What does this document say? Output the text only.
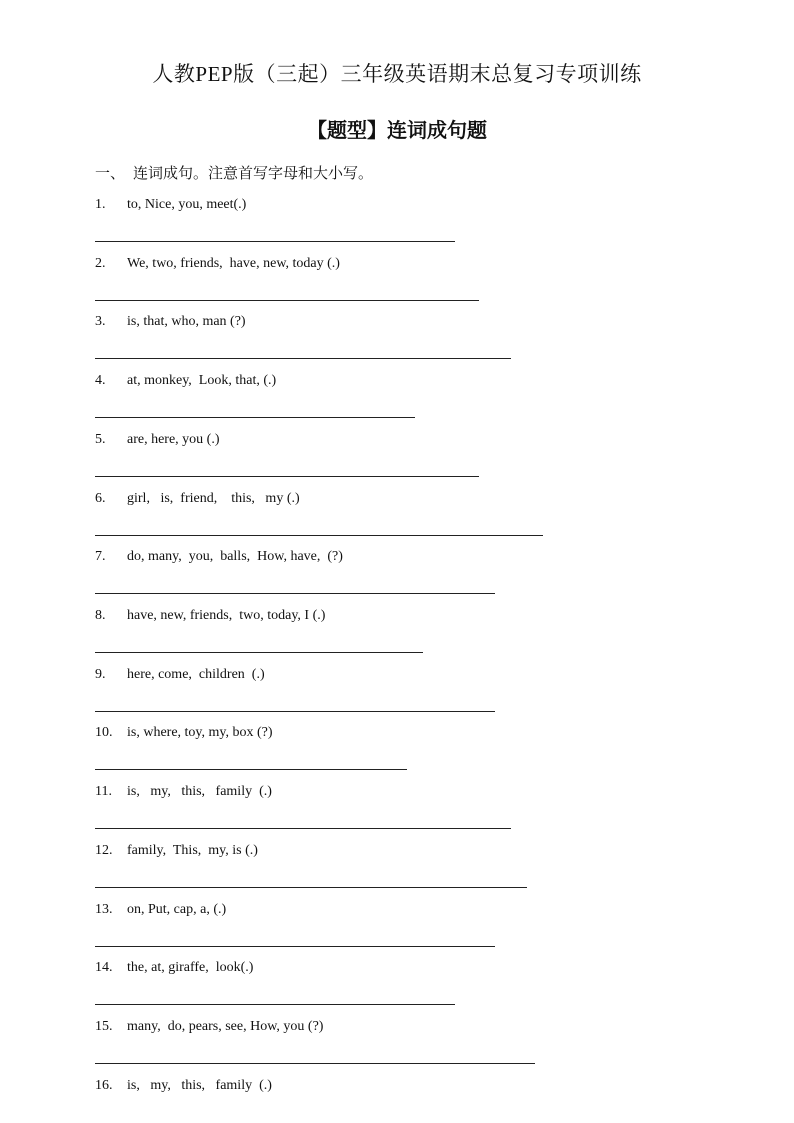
人教PEP版（三起）三年级英语期末总复习专项训练
【题型】连词成句题
一、 连词成句。注意首写字母和大小写。
1. to, Nice, you, meet(.)
2. We, two, friends,  have, new, today (.)
3. is, that, who, man (?)
4. at, monkey,  Look, that, (.)
5. are, here, you (.)
6. girl,   is,  friend,    this,   my (.)
7. do, many,  you,  balls,  How, have,  (?)
8. have, new, friends,  two, today, I (.)
9. here, come,  children  (.)
10. is, where, toy, my, box (?)
11. is,   my,   this,   family  (.)
12. family,  This,  my, is (.)
13. on, Put, cap, a, (.)
14. the, at, giraffe,  look(.)
15. many,  do, pears, see, How, you (?)
16. is,   my,   this,   family  (.)
